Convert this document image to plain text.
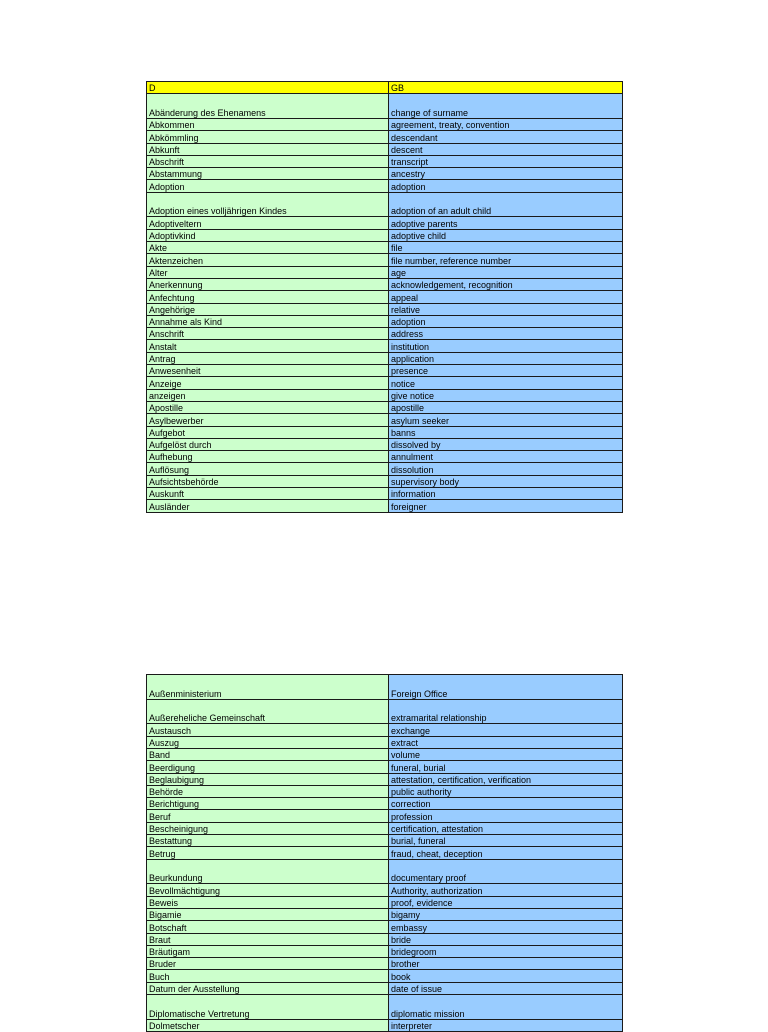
D	GB
Abänderung des Ehenamens	change of surname
Abkommen	agreement, treaty, convention
Abkömmling	descendant
Abkunft	descent
Abschrift	transcript
Abstammung	ancestry
Adoption	adoption
Adoption eines volljährigen Kindes	adoption of an adult child
Adoptiveltern	adoptive parents
Adoptivkind	adoptive child
Akte	file
Aktenzeichen	file number, reference number
Alter	age
Anerkennung	acknowledgement, recognition
Anfechtung	appeal
Angehörige	relative
Annahme als Kind	adoption
Anschrift	address
Anstalt	institution
Antrag	application
Anwesenheit	presence
Anzeige	notice
anzeigen	give notice
Apostille	apostille
Asylbewerber	asylum seeker
Aufgebot	banns
Aufgelöst durch	dissolved by
Aufhebung	annulment
Auflösung	dissolution
Aufsichtsbehörde	supervisory body
Auskunft	information
Ausländer	foreigner
Außenministerium	Foreign Office
Außereheliche Gemeinschaft	extramarital relationship
Austausch	exchange
Auszug	extract
Band	volume
Beerdigung	funeral, burial
Beglaubigung	attestation, certification, verification
Behörde	public authority
Berichtigung	correction
Beruf	profession
Bescheinigung	certification, attestation
Bestattung	burial, funeral
Betrug	fraud, cheat, deception
Beurkundung	documentary proof
Bevollmächtigung	Authority, authorization
Beweis	proof, evidence
Bigamie	bigamy
Botschaft	embassy
Braut	bride
Bräutigam	bridegroom
Bruder	brother
Buch	book
Datum der Ausstellung	date of issue
Diplomatische Vertretung	diplomatic mission
Dolmetscher	interpreter
